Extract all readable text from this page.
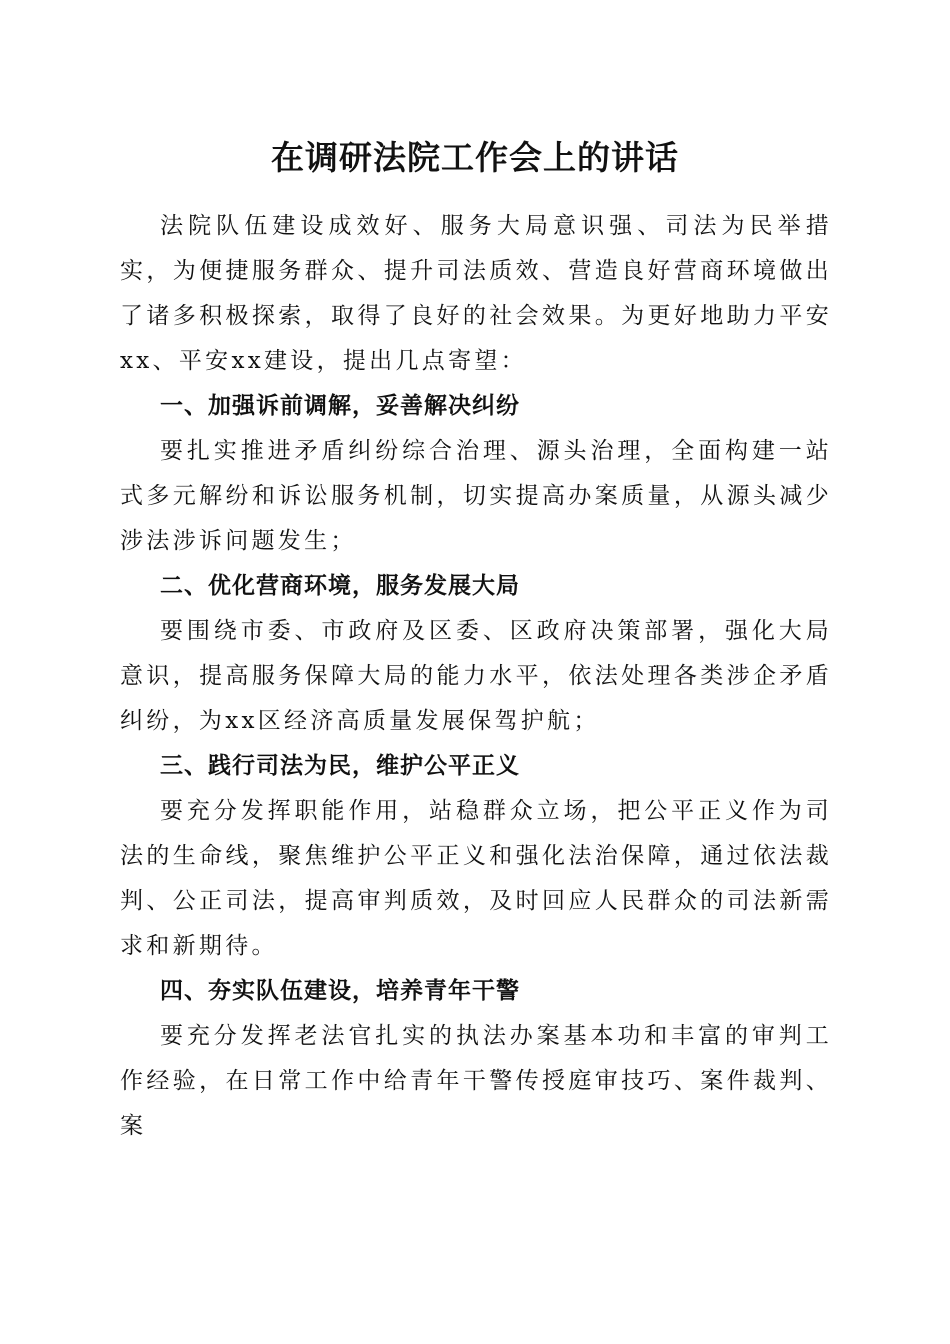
在调研法院工作会上的讲话

法院队伍建设成效好、服务大局意识强、司法为民举措实，为便捷服务群众、提升司法质效、营造良好营商环境做出了诸多积极探索，取得了良好的社会效果。为更好地助力平安xx、平安xx建设，提出几点寄望：

一、加强诉前调解，妥善解决纠纷

要扎实推进矛盾纠纷综合治理、源头治理，全面构建一站式多元解纷和诉讼服务机制，切实提高办案质量，从源头减少涉法涉诉问题发生；

二、优化营商环境，服务发展大局

要围绕市委、市政府及区委、区政府决策部署，强化大局意识，提高服务保障大局的能力水平，依法处理各类涉企矛盾纠纷，为xx区经济高质量发展保驾护航；

三、践行司法为民，维护公平正义

要充分发挥职能作用，站稳群众立场，把公平正义作为司法的生命线，聚焦维护公平正义和强化法治保障，通过依法裁判、公正司法，提高审判质效，及时回应人民群众的司法新需求和新期待。

四、夯实队伍建设，培养青年干警

要充分发挥老法官扎实的执法办案基本功和丰富的审判工作经验，在日常工作中给青年干警传授庭审技巧、案件裁判、案
